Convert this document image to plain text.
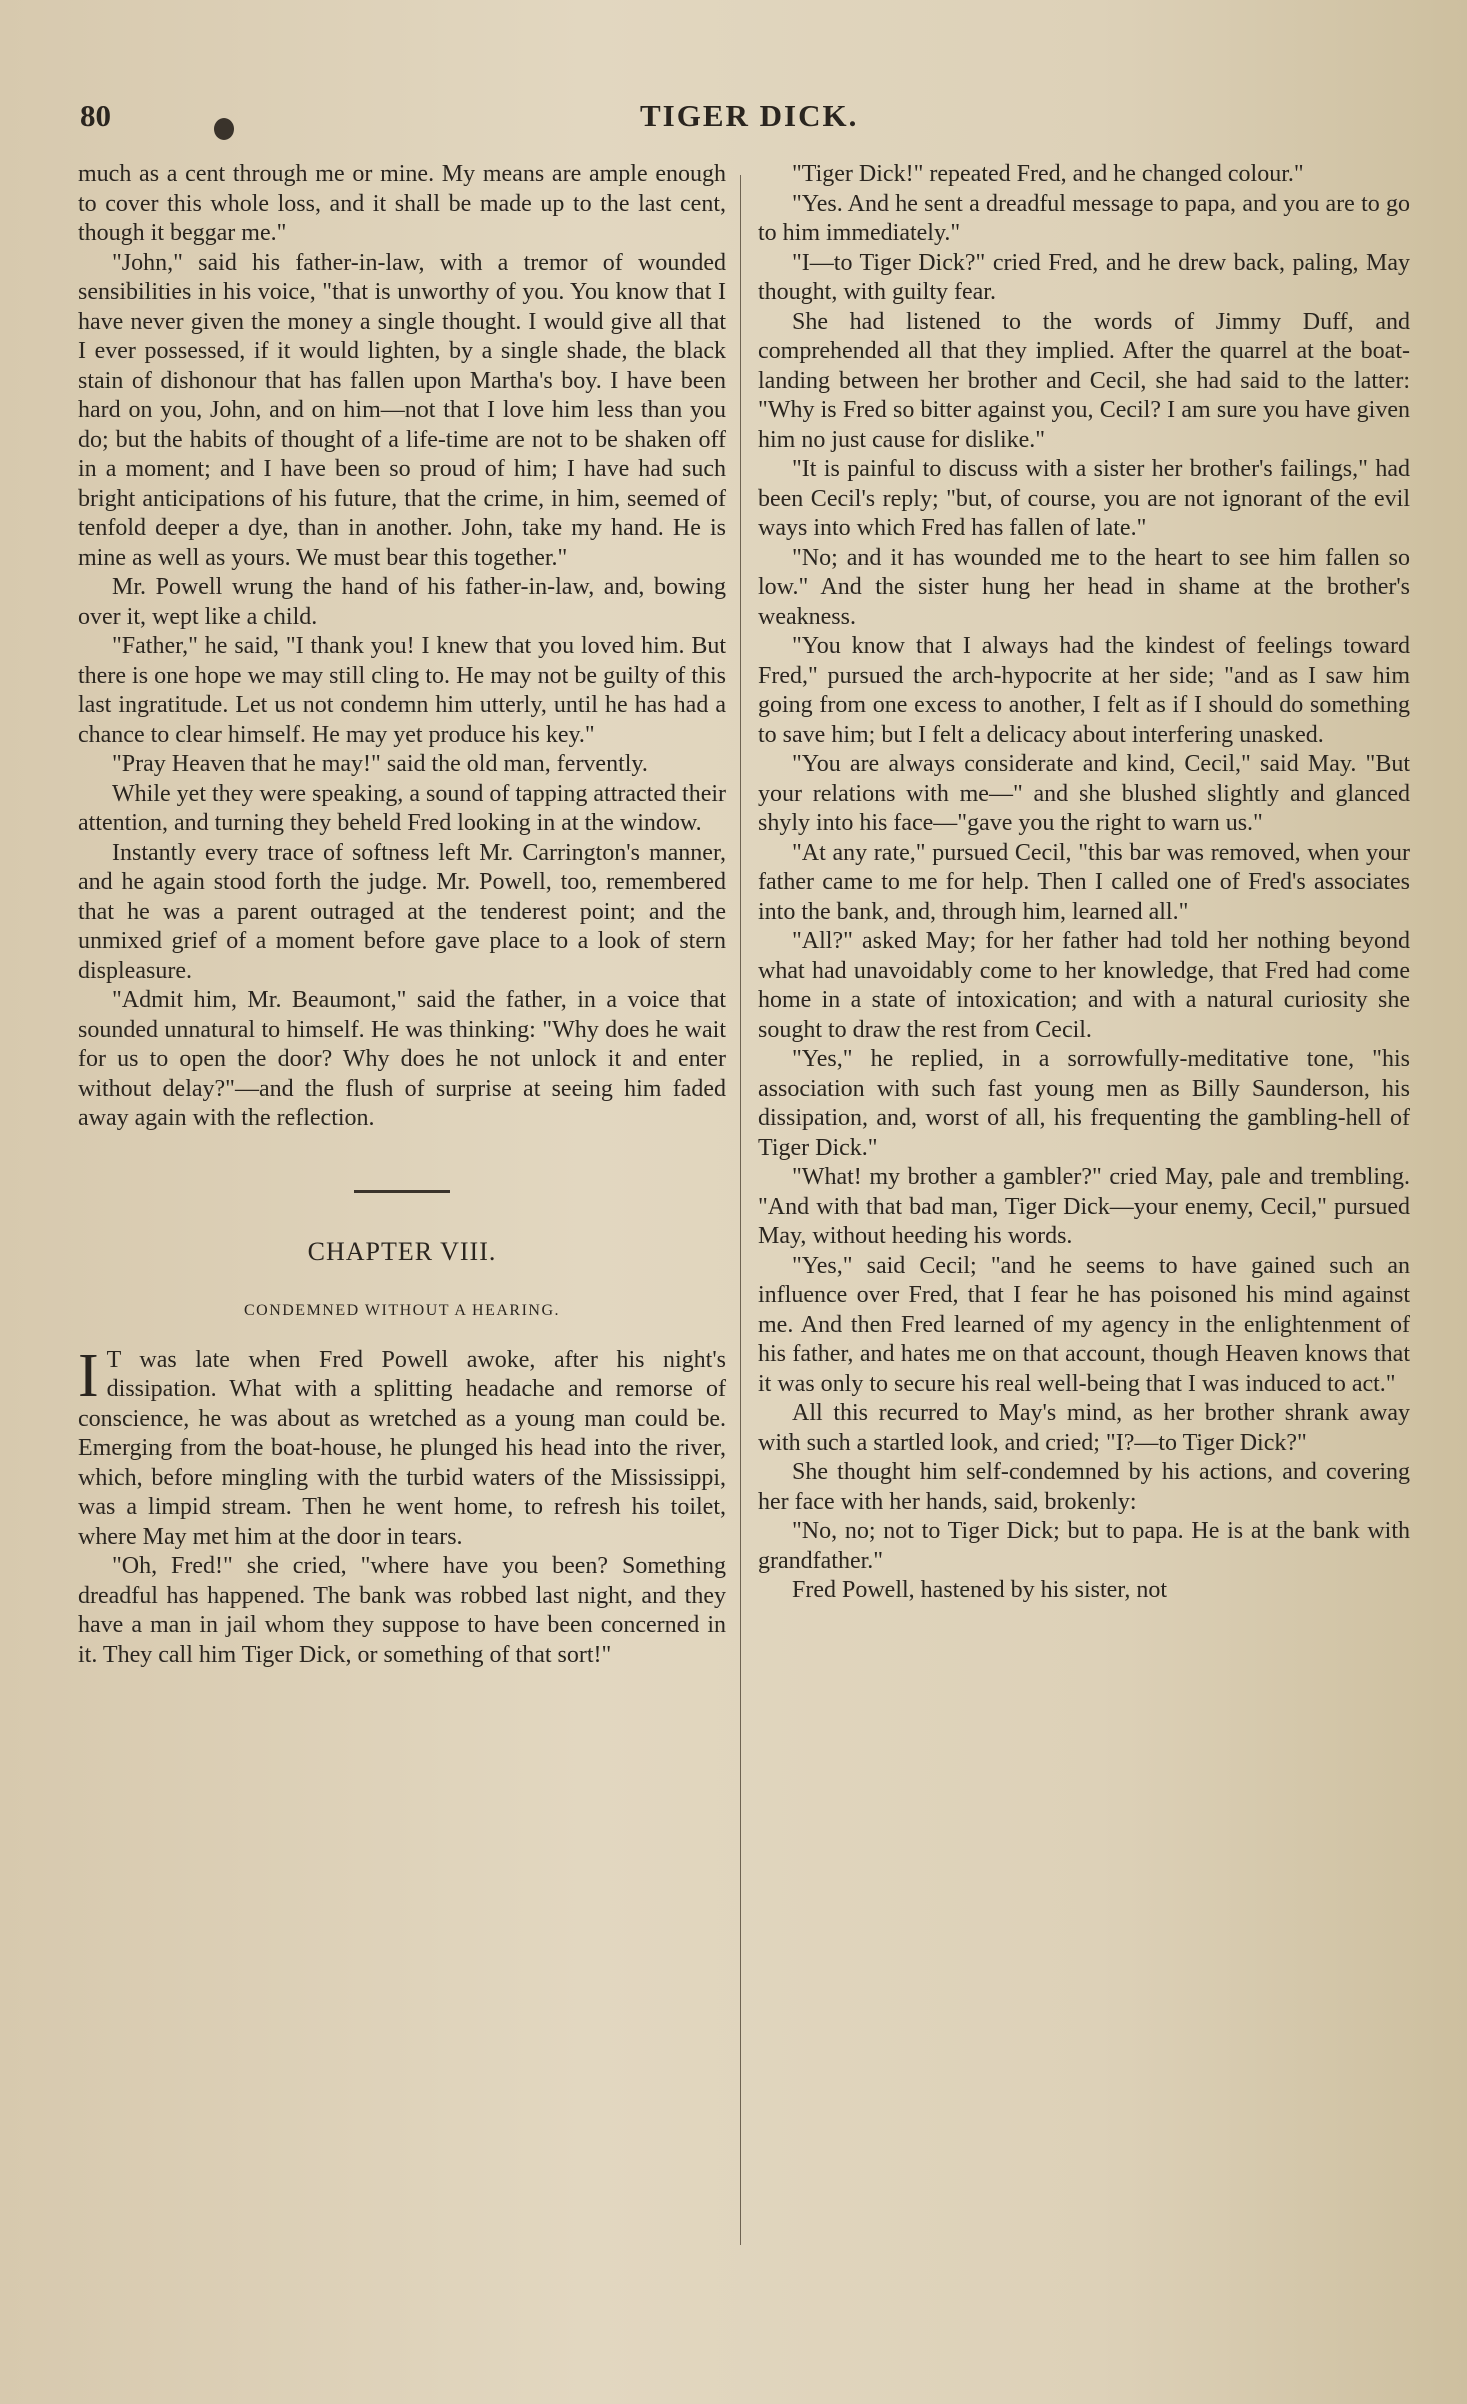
80	TIGER DICK.

much as a cent through me or mine. My means are ample enough to cover this whole loss, and it shall be made up to the last cent, though it beggar me."

"John," said his father-in-law, with a tremor of wounded sensibilities in his voice, "that is unworthy of you. You know that I have never given the money a single thought. I would give all that I ever possessed, if it would lighten, by a single shade, the black stain of dishonour that has fallen upon Martha's boy. I have been hard on you, John, and on him—not that I love him less than you do; but the habits of thought of a life-time are not to be shaken off in a moment; and I have been so proud of him; I have had such bright anticipations of his future, that the crime, in him, seemed of tenfold deeper a dye, than in another. John, take my hand. He is mine as well as yours. We must bear this together."

Mr. Powell wrung the hand of his father-in-law, and, bowing over it, wept like a child.

"Father," he said, "I thank you! I knew that you loved him. But there is one hope we may still cling to. He may not be guilty of this last ingratitude. Let us not condemn him utterly, until he has had a chance to clear himself. He may yet produce his key."

"Pray Heaven that he may!" said the old man, fervently.

While yet they were speaking, a sound of tapping attracted their attention, and turning they beheld Fred looking in at the window.

Instantly every trace of softness left Mr. Carrington's manner, and he again stood forth the judge. Mr. Powell, too, remembered that he was a parent outraged at the tenderest point; and the unmixed grief of a moment before gave place to a look of stern displeasure.

"Admit him, Mr. Beaumont," said the father, in a voice that sounded unnatural to himself. He was thinking: "Why does he wait for us to open the door? Why does he not unlock it and enter without delay?"—and the flush of surprise at seeing him faded away again with the reflection.

CHAPTER VIII.
CONDEMNED WITHOUT A HEARING.

I T was late when Fred Powell awoke, after his night's dissipation. What with a splitting headache and remorse of conscience, he was about as wretched as a young man could be. Emerging from the boat-house, he plunged his head into the river, which, before mingling with the turbid waters of the Mississippi, was a limpid stream. Then he went home, to refresh his toilet, where May met him at the door in tears.

"Oh, Fred!" she cried, "where have you been? Something dreadful has happened. The bank was robbed last night, and they have a man in jail whom they suppose to have been concerned in it. They call him Tiger Dick, or something of that sort!"

"Tiger Dick!" repeated Fred, and he changed colour."

"Yes. And he sent a dreadful message to papa, and you are to go to him immediately."

"I—to Tiger Dick?" cried Fred, and he drew back, paling, May thought, with guilty fear.

She had listened to the words of Jimmy Duff, and comprehended all that they implied. After the quarrel at the boat-landing between her brother and Cecil, she had said to the latter: "Why is Fred so bitter against you, Cecil? I am sure you have given him no just cause for dislike."

"It is painful to discuss with a sister her brother's failings," had been Cecil's reply; "but, of course, you are not ignorant of the evil ways into which Fred has fallen of late."

"No; and it has wounded me to the heart to see him fallen so low." And the sister hung her head in shame at the brother's weakness.

"You know that I always had the kindest of feelings toward Fred," pursued the arch-hypocrite at her side; "and as I saw him going from one excess to another, I felt as if I should do something to save him; but I felt a delicacy about interfering unasked.

"You are always considerate and kind, Cecil," said May. "But your relations with me—" and she blushed slightly and glanced shyly into his face—"gave you the right to warn us."

"At any rate," pursued Cecil, "this bar was removed, when your father came to me for help. Then I called one of Fred's associates into the bank, and, through him, learned all."

"All?" asked May; for her father had told her nothing beyond what had unavoidably come to her knowledge, that Fred had come home in a state of intoxication; and with a natural curiosity she sought to draw the rest from Cecil.

"Yes," he replied, in a sorrowfully-meditative tone, "his association with such fast young men as Billy Saunderson, his dissipation, and, worst of all, his frequenting the gambling-hell of Tiger Dick."

"What! my brother a gambler?" cried May, pale and trembling. "And with that bad man, Tiger Dick—your enemy, Cecil," pursued May, without heeding his words.

"Yes," said Cecil; "and he seems to have gained such an influence over Fred, that I fear he has poisoned his mind against me. And then Fred learned of my agency in the enlightenment of his father, and hates me on that account, though Heaven knows that it was only to secure his real well-being that I was induced to act."

All this recurred to May's mind, as her brother shrank away with such a startled look, and cried; "I?—to Tiger Dick?"

She thought him self-condemned by his actions, and covering her face with her hands, said, brokenly:

"No, no; not to Tiger Dick; but to papa. He is at the bank with grandfather."

Fred Powell, hastened by his sister, not
